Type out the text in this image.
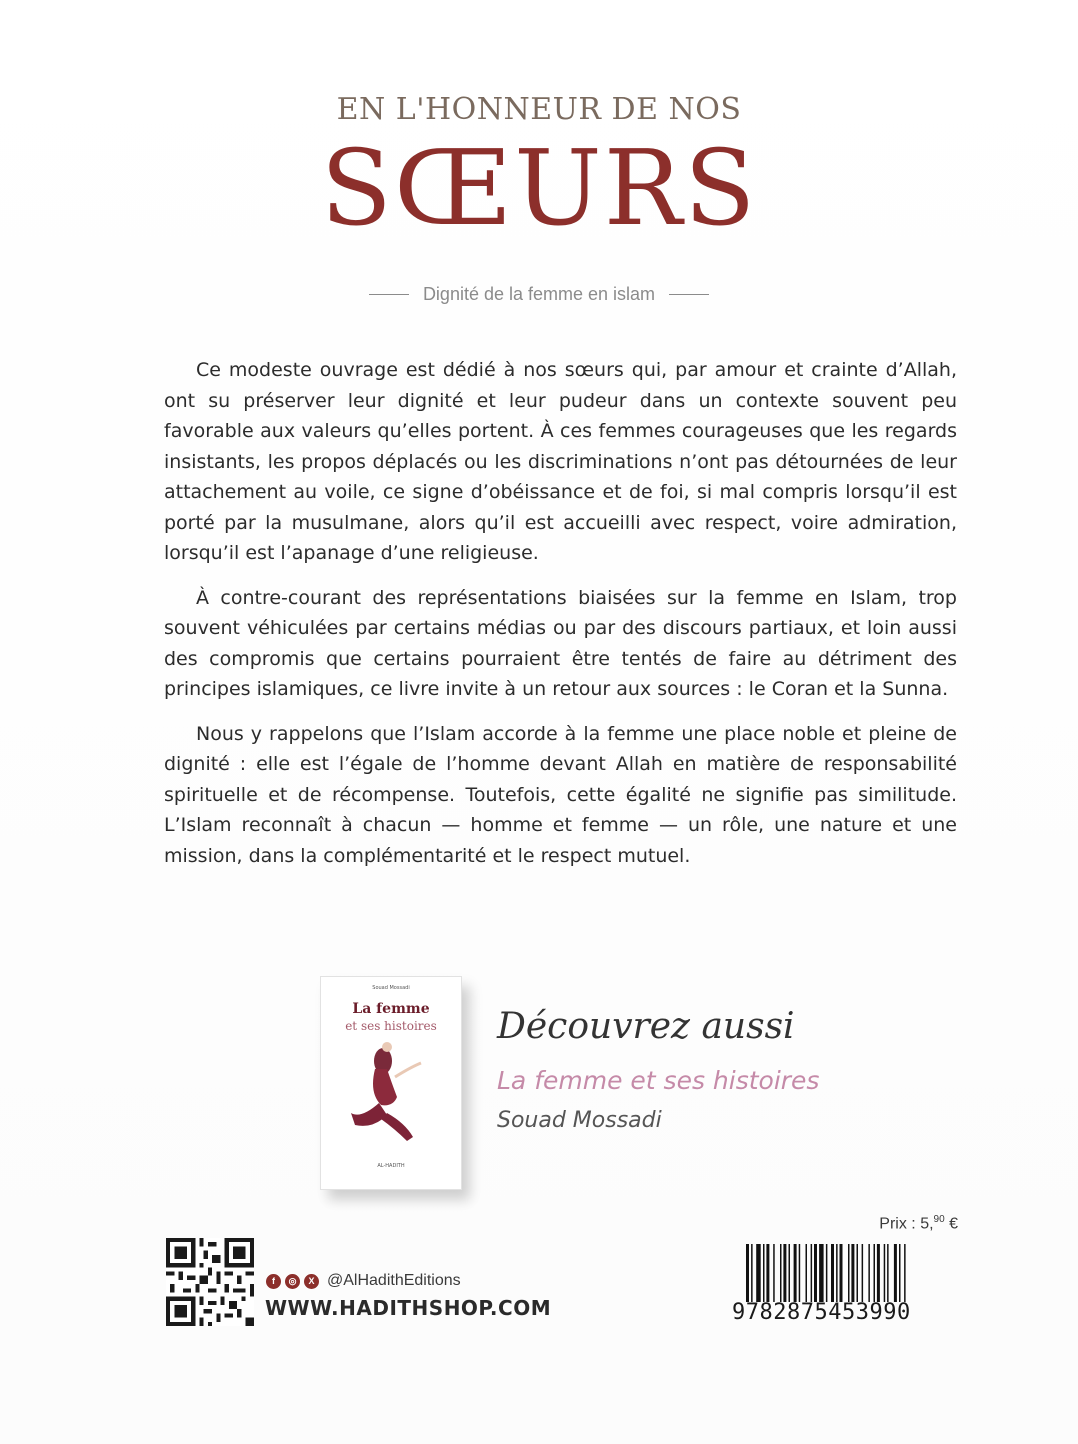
EN L'HONNEUR DE NOS
SŒURS
Dignité de la femme en islam

Ce modeste ouvrage est dédié à nos sœurs qui, par amour et crainte d’Allah, ont su préserver leur dignité et leur pudeur dans un contexte souvent peu favorable aux valeurs qu’elles portent. À ces femmes courageuses que les regards insistants, les propos déplacés ou les discriminations n’ont pas détournées de leur attachement au voile, ce signe d’obéissance et de foi, si mal compris lorsqu’il est porté par la musulmane, alors qu’il est accueilli avec respect, voire admiration, lorsqu’il est l’apanage d’une religieuse.

À contre-courant des représentations biaisées sur la femme en Islam, trop souvent véhiculées par certains médias ou par des discours partiaux, et loin aussi des compromis que certains pourraient être tentés de faire au détriment des principes islamiques, ce livre invite à un retour aux sources : le Coran et la Sunna.

Nous y rappelons que l’Islam accorde à la femme une place noble et pleine de dignité : elle est l’égale de l’homme devant Allah en matière de responsabilité spirituelle et de récompense. Toutefois, cette égalité ne signifie pas similitude. L’Islam reconnaît à chacun — homme et femme — un rôle, une nature et une mission, dans la complémentarité et le respect mutuel.

Souad Mossadi
La femme
et ses histoires
AL-HADITH
Découvrez aussi
La femme et ses histoires
Souad Mossadi
f	◎	X @AlHadithEditions
WWW.HADITHSHOP.COM
Prix : 5,90 €
9782875453990
